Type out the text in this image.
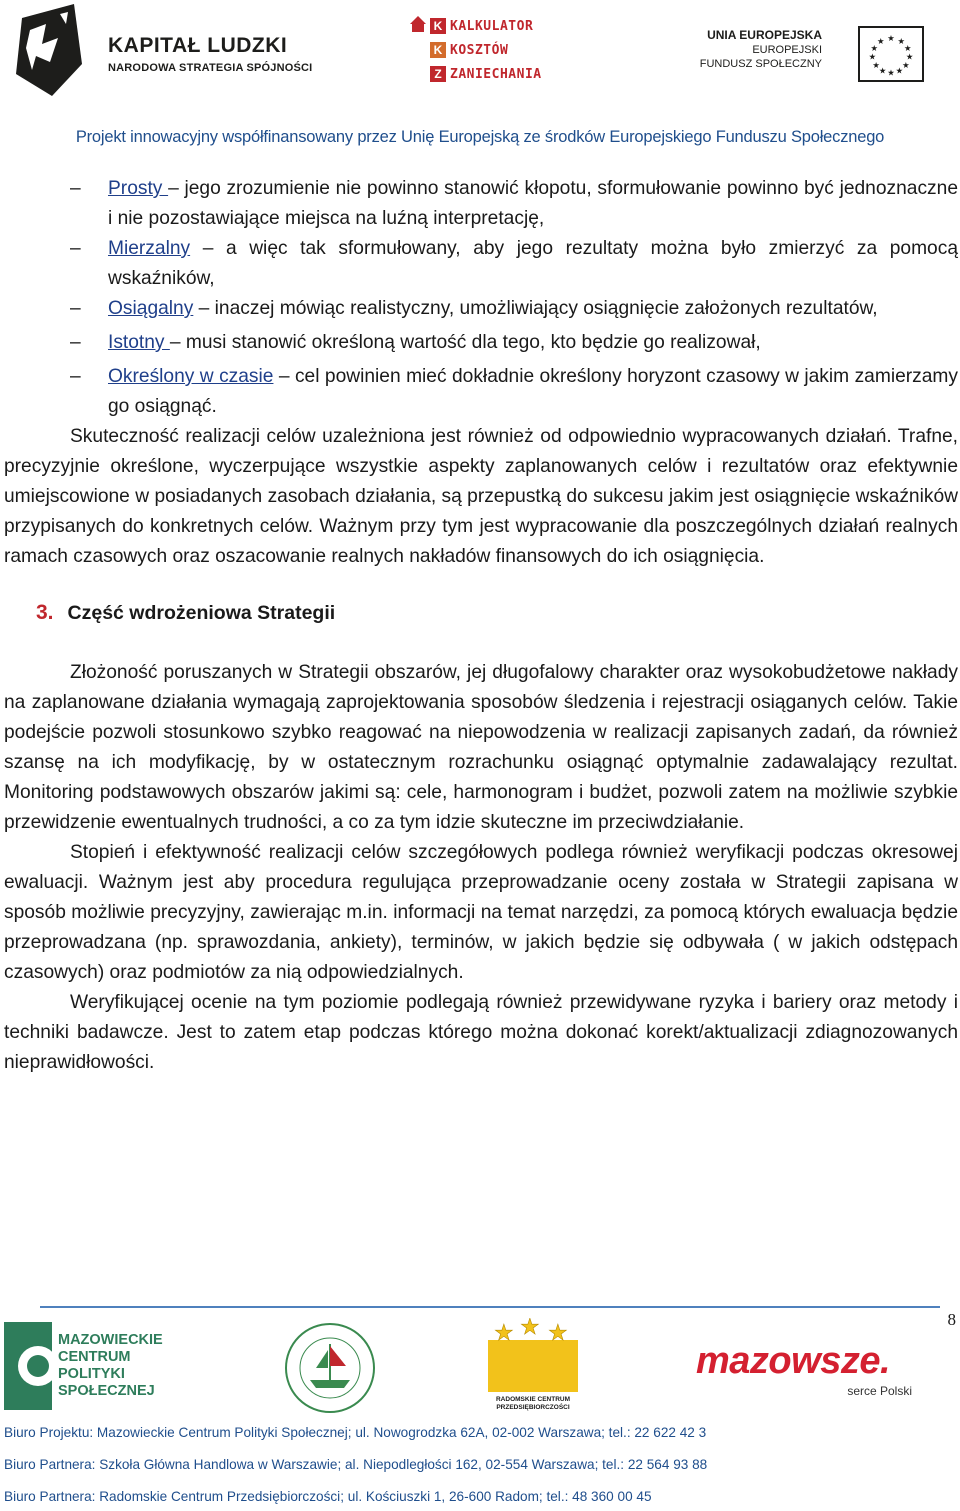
KAPITAŁ LUDZKI
NARODOWA STRATEGIA SPÓJNOŚCI
K KALKULATOR
K KOSZTÓW
Z ZANIECHANIA
UNIA EUROPEJSKA
EUROPEJSKI
FUNDUSZ SPOŁECZNY
★ ★
★
★
★
★
★
★
★
★
★
★
Projekt innowacyjny współfinansowany przez Unię Europejską ze środków Europejskiego Funduszu Społecznego
– Prosty – jego zrozumienie nie powinno stanowić kłopotu, sformułowanie powinno być jednoznaczne i nie pozostawiające miejsca na luźną interpretację,
– Mierzalny – a więc tak sformułowany, aby jego rezultaty można było zmierzyć za pomocą wskaźników,
– Osiągalny – inaczej mówiąc realistyczny, umożliwiający osiągnięcie założonych rezultatów,
– Istotny – musi stanowić określoną wartość dla tego, kto będzie go realizował,
– Określony w czasie – cel powinien mieć dokładnie określony horyzont czasowy w jakim zamierzamy go osiągnąć.

Skuteczność realizacji celów uzależniona jest również od odpowiednio wypracowanych działań. Trafne, precyzyjnie określone, wyczerpujące wszystkie aspekty zaplanowanych celów i rezultatów oraz efektywnie umiejscowione w posiadanych zasobach działania, są przepustką do sukcesu jakim jest osiągnięcie wskaźników przypisanych do konkretnych celów. Ważnym przy tym jest wypracowanie dla poszczególnych działań realnych ramach czasowych oraz oszacowanie realnych nakładów finansowych do ich osiągnięcia.

3. Część wdrożeniowa Strategii

Złożoność poruszanych w Strategii obszarów, jej długofalowy charakter oraz wysokobudżetowe nakłady na zaplanowane działania wymagają zaprojektowania sposobów śledzenia i rejestracji osiąganych celów. Takie podejście pozwoli stosunkowo szybko reagować na niepowodzenia w realizacji zapisanych zadań, da również szansę na ich modyfikację, by w ostatecznym rozrachunku osiągnąć optymalnie zadawalający rezultat. Monitoring podstawowych obszarów jakimi są: cele, harmonogram i budżet, pozwoli zatem na możliwie szybkie przewidzenie ewentualnych trudności, a co za tym idzie skuteczne im przeciwdziałanie.

Stopień i efektywność realizacji celów szczegółowych podlega również weryfikacji podczas okresowej ewaluacji. Ważnym jest aby procedura regulująca przeprowadzanie oceny została w Strategii zapisana w sposób możliwie precyzyjny, zawierając m.in. informacji na temat narzędzi, za pomocą których ewaluacja będzie przeprowadzana (np. sprawozdania, ankiety), terminów, w jakich będzie się odbywała ( w jakich odstępach czasowych) oraz podmiotów za nią odpowiedzialnych.

Weryfikującej ocenie na tym poziomie podlegają również przewidywane ryzyka i bariery oraz metody i techniki badawcze. Jest to zatem etap podczas którego można dokonać korekt/aktualizacji zdiagnozowanych nieprawidłowości.

8
MAZOWIECKIE
CENTRUM
POLITYKI
SPOŁECZNEJ
★ ★ ★
RADOMSKIE CENTRUM PRZEDSIĘBIORCZOŚCI
mazowsze.
serce Polski
Biuro Projektu: Mazowieckie Centrum Polityki Społecznej; ul. Nowogrodzka 62A, 02-002 Warszawa; tel.: 22 622 42 3
Biuro Partnera: Szkoła Główna Handlowa w Warszawie; al. Niepodległości 162, 02-554 Warszawa; tel.: 22 564 93 88
Biuro Partnera: Radomskie Centrum Przedsiębiorczości; ul. Kościuszki 1, 26-600 Radom; tel.: 48 360 00 45
